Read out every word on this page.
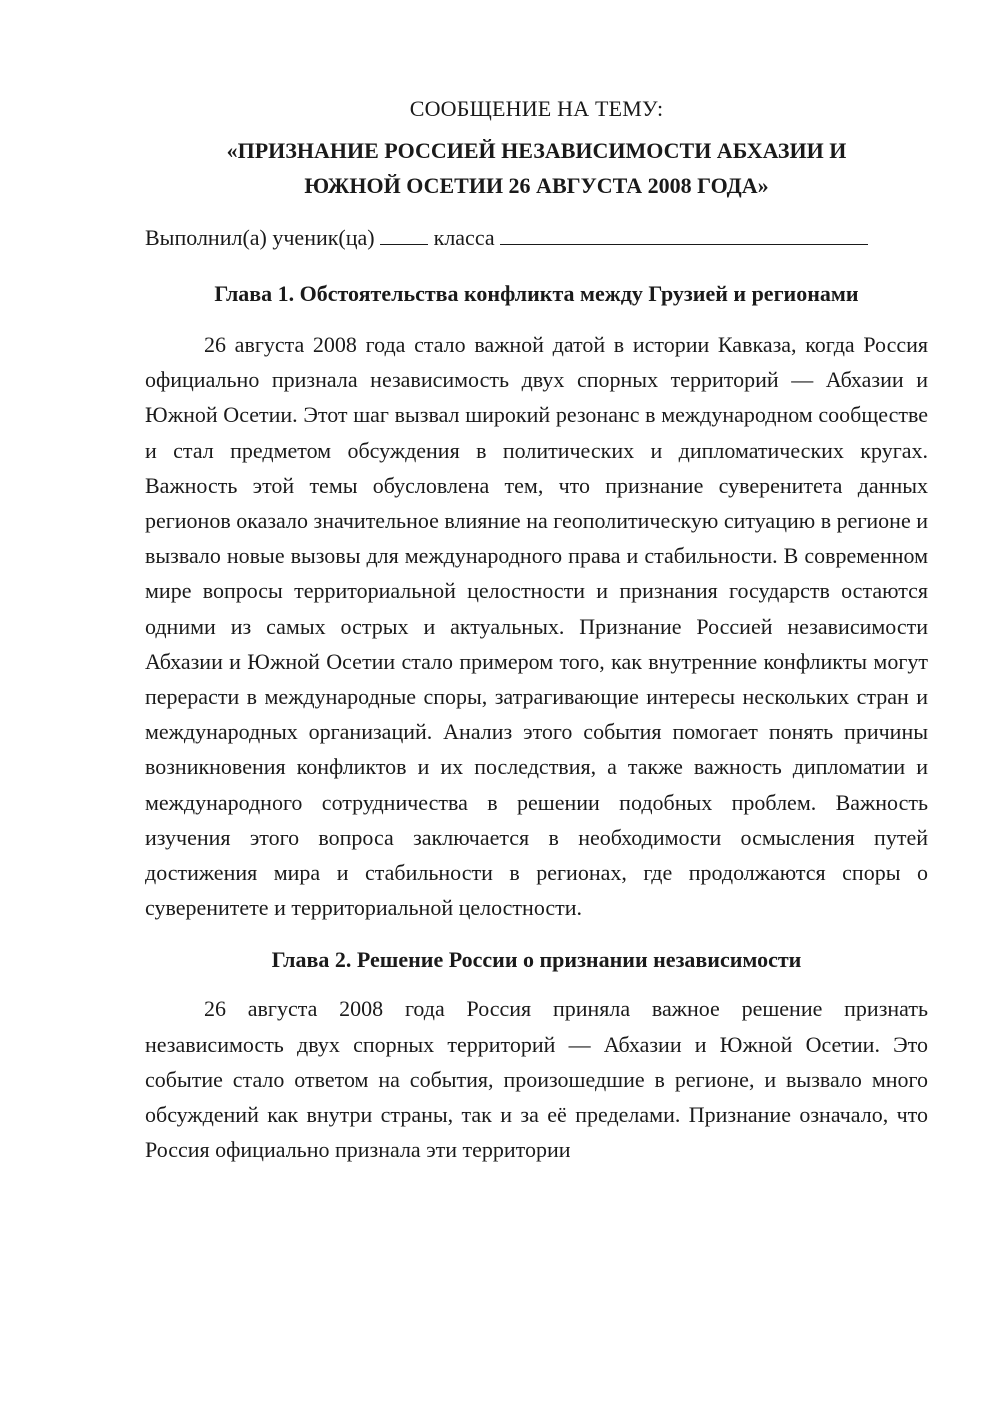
СООБЩЕНИЕ НА ТЕМУ:

«ПРИЗНАНИЕ РОССИЕЙ НЕЗАВИСИМОСТИ АБХАЗИИ И
ЮЖНОЙ ОСЕТИИ 26 АВГУСТА 2008 ГОДА»

Выполнил(а) ученик(ца)	класса

Глава 1. Обстоятельства конфликта между Грузией и регионами

26 августа 2008 года стало важной датой в истории Кавказа, когда Россия официально признала независимость двух спорных территорий — Абхазии и Южной Осетии. Этот шаг вызвал широкий резонанс в международном сообществе и стал предметом обсуждения в политических и дипломатических кругах. Важность этой темы обусловлена тем, что признание суверенитета данных регионов оказало значительное влияние на геополитическую ситуацию в регионе и вызвало новые вызовы для международного права и стабильности. В современном мире вопросы территориальной целостности и признания государств остаются одними из самых острых и актуальных. Признание Россией независимости Абхазии и Южной Осетии стало примером того, как внутренние конфликты могут перерасти в международные споры, затрагивающие интересы нескольких стран и международных организаций. Анализ этого события помогает понять причины возникновения конфликтов и их последствия, а также важность дипломатии и международного сотрудничества в решении подобных проблем. Важность изучения этого вопроса заключается в необходимости осмысления путей достижения мира и стабильности в регионах, где продолжаются споры о суверенитете и территориальной целостности.

Глава 2. Решение России о признании независимости

26 августа 2008 года Россия приняла важное решение признать независимость двух спорных территорий — Абхазии и Южной Осетии. Это событие стало ответом на события, произошедшие в регионе, и вызвало много обсуждений как внутри страны, так и за её пределами. Признание означало, что Россия официально признала эти территории
